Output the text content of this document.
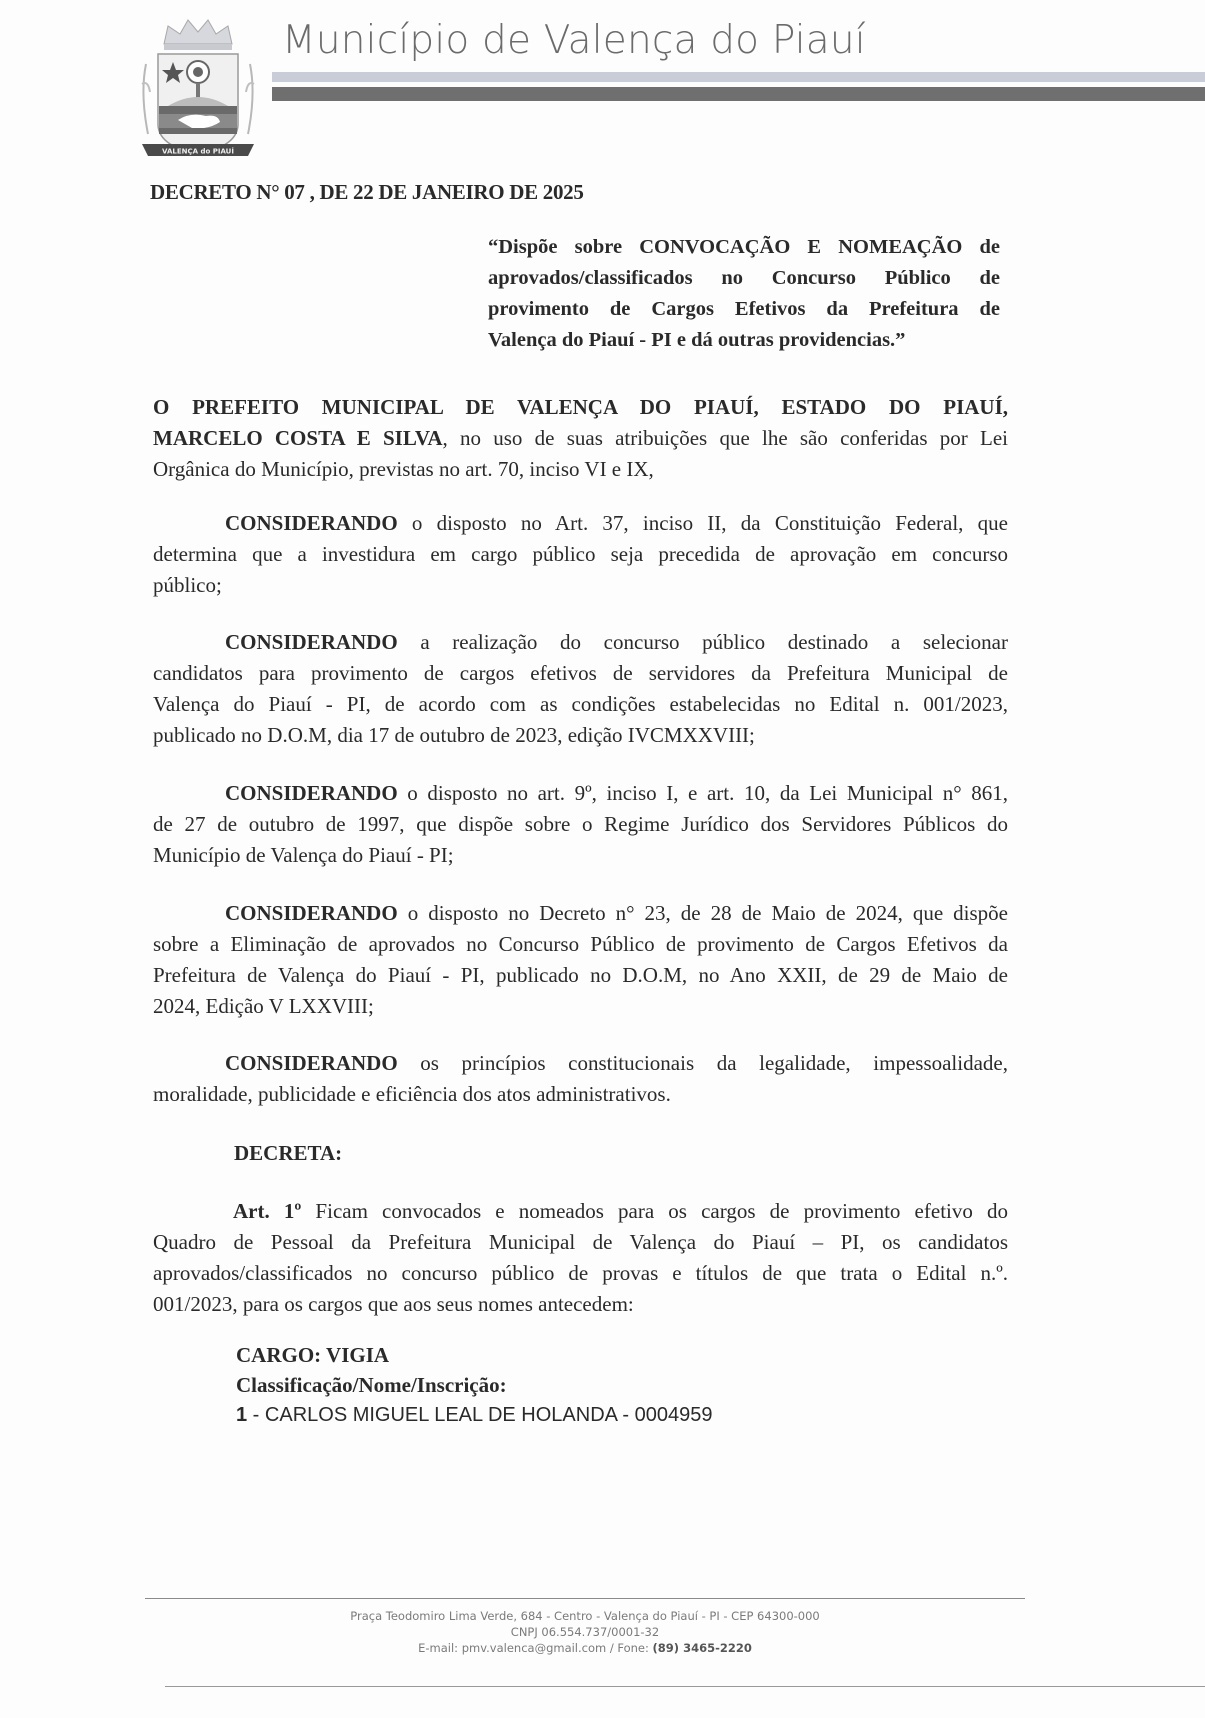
VALENÇA do PIAUÍ
Município de Valença do Piauí
DECRETO N° 07 , DE 22 DE JANEIRO DE 2025
“Dispõe sobre CONVOCAÇÃO E NOMEAÇÃO de
aprovados/classificados no Concurso Público de
provimento de Cargos Efetivos da Prefeitura de
Valença do Piauí - PI e dá outras providencias.”
O PREFEITO MUNICIPAL DE VALENÇA DO PIAUÍ, ESTADO DO PIAUÍ,
MARCELO COSTA E SILVA, no uso de suas atribuições que lhe são conferidas por Lei
Orgânica do Município, previstas no art. 70, inciso VI e IX,
CONSIDERANDO o disposto no Art. 37, inciso II, da Constituição Federal, que
determina que a investidura em cargo público seja precedida de aprovação em concurso
público;
CONSIDERANDO a realização do concurso público destinado a selecionar
candidatos para provimento de cargos efetivos de servidores da Prefeitura Municipal de
Valença do Piauí - PI, de acordo com as condições estabelecidas no Edital n. 001/2023,
publicado no D.O.M, dia 17 de outubro de 2023, edição IVCMXXVIII;
CONSIDERANDO o disposto no art. 9º, inciso I, e art. 10, da Lei Municipal n° 861,
de 27 de outubro de 1997, que dispõe sobre o Regime Jurídico dos Servidores Públicos do
Município de Valença do Piauí - PI;
CONSIDERANDO o disposto no Decreto n° 23, de 28 de Maio de 2024, que dispõe
sobre a Eliminação de aprovados no Concurso Público de provimento de Cargos Efetivos da
Prefeitura de Valença do Piauí - PI, publicado no D.O.M, no Ano XXII, de 29 de Maio de
2024, Edição V LXXVIII;
CONSIDERANDO os princípios constitucionais da legalidade, impessoalidade,
moralidade, publicidade e eficiência dos atos administrativos.
DECRETA:
Art. 1º Ficam convocados e nomeados para os cargos de provimento efetivo do
Quadro de Pessoal da Prefeitura Municipal de Valença do Piauí – PI, os candidatos
aprovados/classificados no concurso público de provas e títulos de que trata o Edital n.º.
001/2023, para os cargos que aos seus nomes antecedem:
CARGO: VIGIA
Classificação/Nome/Inscrição:
1 - CARLOS MIGUEL LEAL DE HOLANDA - 0004959
Praça Teodomiro Lima Verde, 684 - Centro - Valença do Piauí - PI - CEP 64300-000
CNPJ 06.554.737/0001-32
E-mail: pmv.valenca@gmail.com / Fone: (89) 3465-2220
